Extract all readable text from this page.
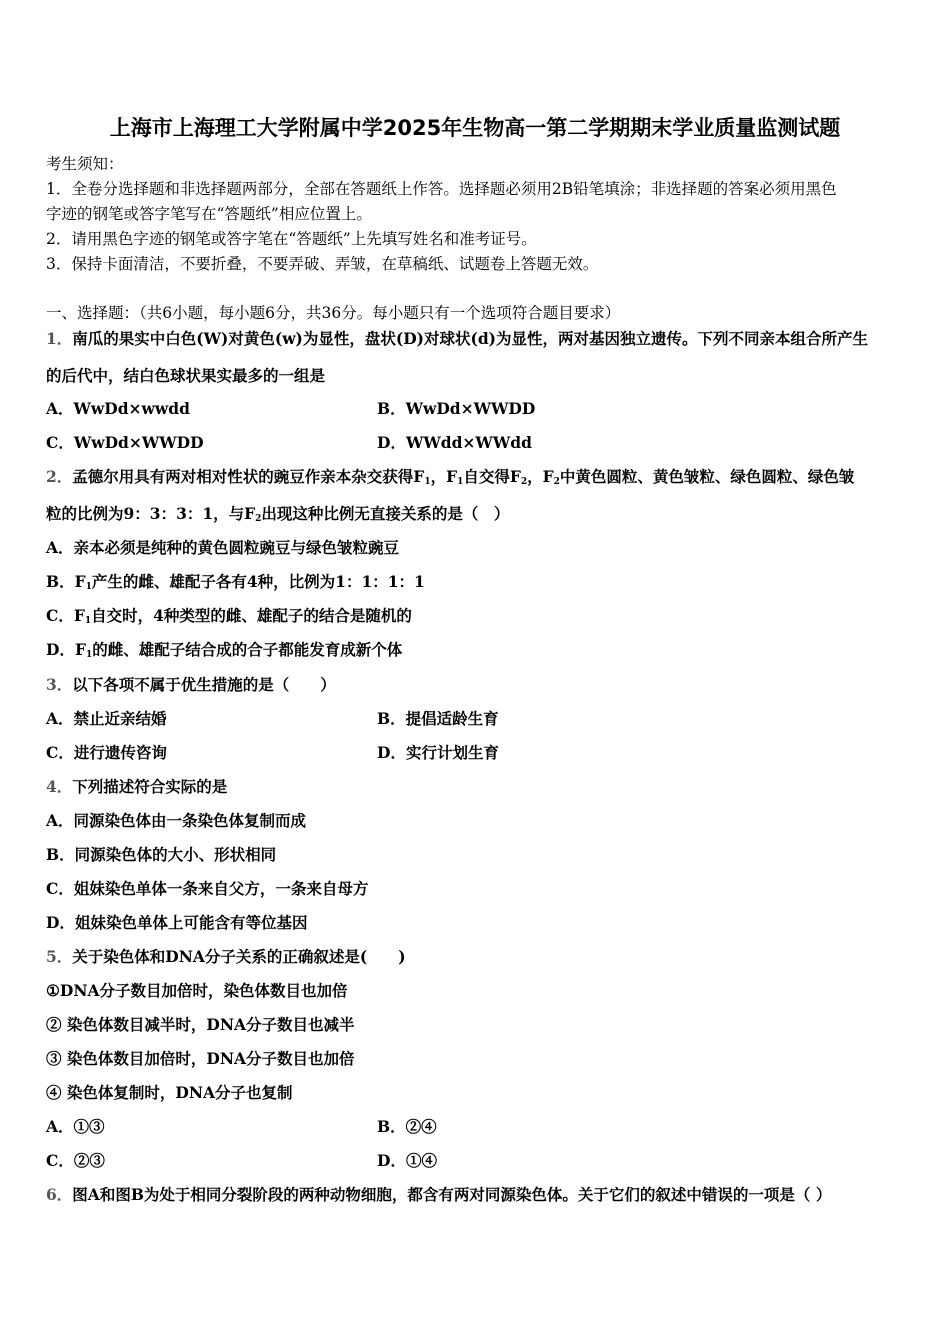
上海市上海理工大学附属中学2025年生物高一第二学期期末学业质量监测试题
考生须知：
1．全卷分选择题和非选择题两部分，全部在答题纸上作答。选择题必须用2B铅笔填涂；非选择题的答案必须用黑色
字迹的钢笔或答字笔写在“答题纸”相应位置上。
2．请用黑色字迹的钢笔或答字笔在“答题纸”上先填写姓名和准考证号。
3．保持卡面清洁，不要折叠，不要弄破、弄皱，在草稿纸、试题卷上答题无效。
一、选择题：（共6小题，每小题6分，共36分。每小题只有一个选项符合题目要求）
1．南瓜的果实中白色(W)对黄色(w)为显性，盘状(D)对球状(d)为显性，两对基因独立遗传。下列不同亲本组合所产生
的后代中，结白色球状果实最多的一组是
A．WwDd×wwdd	B．WwDd×WWDD
C．WwDd×WWDD	D．WWdd×WWdd
2．孟德尔用具有两对相对性状的豌豆作亲本杂交获得$F_1$，$F_1$自交得$F_2$，$F_2$中黄色圆粒、黄色皱粒、绿色圆粒、绿色皱
粒的比例为9：3：3：1，与$F_2$出现这种比例无直接关系的是（　）
A．亲本必须是纯种的黄色圆粒豌豆与绿色皱粒豌豆
B．$F_1$产生的雌、雄配子各有4种，比例为1：1：1：1
C．$F_1$自交时，4种类型的雌、雄配子的结合是随机的
D．$F_1$的雌、雄配子结合成的合子都能发育成新个体
3．以下各项不属于优生措施的是（　　）
A．禁止近亲结婚	B．提倡适龄生育
C．进行遗传咨询	D．实行计划生育
4．下列描述符合实际的是
A．同源染色体由一条染色体复制而成
B．同源染色体的大小、形状相同
C．姐妹染色单体一条来自父方，一条来自母方
D．姐妹染色单体上可能含有等位基因
5．关于染色体和DNA分子关系的正确叙述是(　　)
①DNA分子数目加倍时，染色体数目也加倍
② 染色体数目减半时，DNA分子数目也减半
③ 染色体数目加倍时，DNA分子数目也加倍
④ 染色体复制时，DNA分子也复制
A．①③	B．②④
C．②③	D．①④
6．图A和图B为处于相同分裂阶段的两种动物细胞，都含有两对同源染色体。关于它们的叙述中错误的一项是（ ）
